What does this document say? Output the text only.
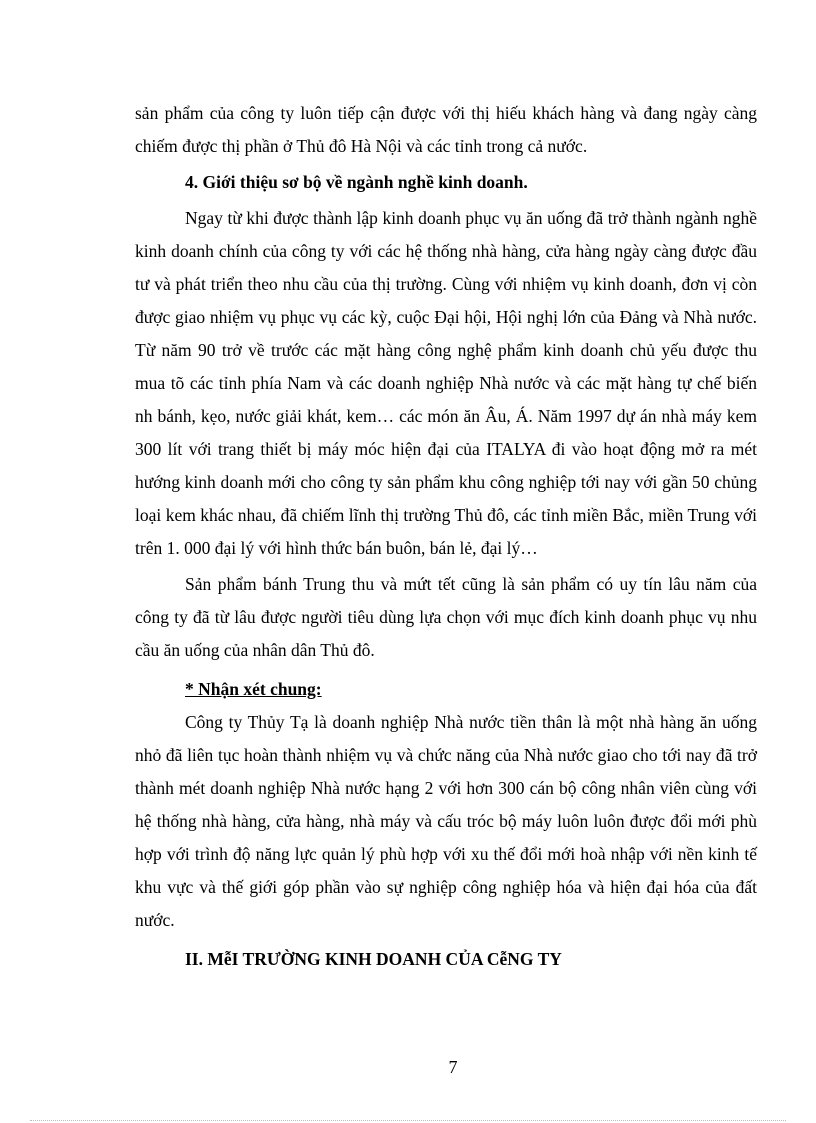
sản phẩm của công ty luôn tiếp cận được với thị hiếu khách hàng và đang ngày càng chiếm được thị phần ở Thủ đô Hà Nội và các tỉnh trong cả nước.

4. Giới thiệu sơ bộ về ngành nghề kinh doanh.

Ngay từ khi được thành lập kinh doanh phục vụ ăn uống đã trở thành ngành nghề kinh doanh chính của công ty với các hệ thống nhà hàng, cửa hàng ngày càng được đầu tư và phát triển theo nhu cầu của thị trường. Cùng với nhiệm vụ kinh doanh, đơn vị còn được giao nhiệm vụ phục vụ các kỳ, cuộc Đại hội, Hội nghị lớn của Đảng và Nhà nước. Từ năm 90 trở về trước các mặt hàng công nghệ phẩm kinh doanh chủ yếu được thu mua tõ các tỉnh phía Nam và các doanh nghiệp Nhà nước và các mặt hàng tự chế biến nh bánh, kẹo, nước giải khát, kem… các món ăn Âu, Á. Năm 1997 dự án nhà máy kem 300 lít với trang thiết bị máy móc hiện đại của ITALYA đi vào hoạt động mở ra mét hướng kinh doanh mới cho công ty sản phẩm khu công nghiệp tới nay với gần 50 chủng loại kem khác nhau, đã chiếm lĩnh thị trường Thủ đô, các tỉnh miền Bắc, miền Trung với trên 1. 000 đại lý với hình thức bán buôn, bán lẻ, đại lý…

Sản phẩm bánh Trung thu và mứt tết cũng là sản phẩm có uy tín lâu năm của công ty đã từ lâu được người tiêu dùng lựa chọn với mục đích kinh doanh phục vụ nhu cầu ăn uống của nhân dân Thủ đô.

* Nhận xét chung:

Công ty Thủy Tạ là doanh nghiệp Nhà nước tiền thân là một nhà hàng ăn uống nhỏ đã liên tục hoàn thành nhiệm vụ và chức năng của Nhà nước giao cho tới nay đã trở thành mét doanh nghiệp Nhà nước hạng 2 với hơn 300 cán bộ công nhân viên cùng với hệ thống nhà hàng, cửa hàng, nhà máy và cấu tróc bộ máy luôn luôn được đổi mới phù hợp với trình độ năng lực quản lý phù hợp với xu thế đổi mới hoà nhập với nền kinh tế khu vực và thế giới góp phần vào sự nghiệp công nghiệp hóa và hiện đại hóa của đất nước.

II. MễI TRƯỜNG KINH DOANH CỦA CễNG TY

7
